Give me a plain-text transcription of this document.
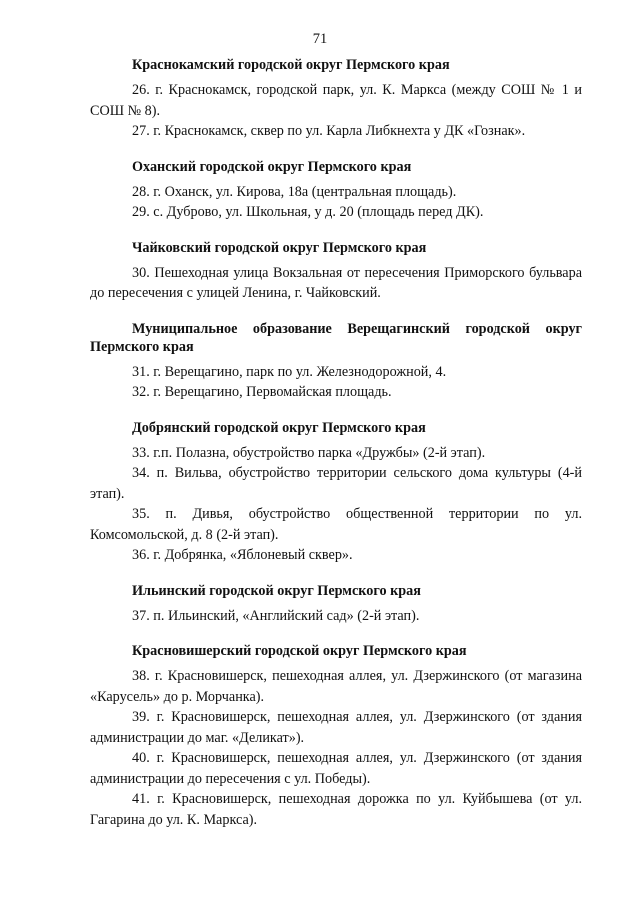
71

Краснокамский городской округ Пермского края

26. г. Краснокамск, городской парк, ул. К. Маркса (между СОШ № 1 и СОШ № 8).

27. г. Краснокамск, сквер по ул. Карла Либкнехта у ДК «Гознак».

Оханский городской округ Пермского края

28. г. Оханск, ул. Кирова, 18а (центральная площадь).

29. с. Дуброво, ул. Школьная, у д. 20 (площадь перед ДК).

Чайковский городской округ Пермского края

30. Пешеходная улица Вокзальная от пересечения Приморского бульвара до пересечения с улицей Ленина, г. Чайковский.

Муниципальное образование Верещагинский городской округ Пермского края

31. г. Верещагино, парк по ул. Железнодорожной, 4.

32. г. Верещагино, Первомайская площадь.

Добрянский городской округ Пермского края

33. г.п. Полазна, обустройство парка «Дружбы» (2-й этап).

34. п. Вильва, обустройство территории сельского дома культуры (4-й этап).

35. п. Дивья, обустройство общественной территории по ул. Комсомольской, д. 8 (2-й этап).

36. г. Добрянка, «Яблоневый сквер».

Ильинский городской округ Пермского края

37. п. Ильинский, «Английский сад» (2-й этап).

Красновишерский городской округ Пермского края

38. г. Красновишерск, пешеходная аллея, ул. Дзержинского (от магазина «Карусель» до р. Морчанка).

39. г. Красновишерск, пешеходная аллея, ул. Дзержинского (от здания администрации до маг. «Деликат»).

40. г. Красновишерск, пешеходная аллея, ул. Дзержинского (от здания администрации до пересечения с ул. Победы).

41. г. Красновишерск, пешеходная дорожка по ул. Куйбышева (от ул. Гагарина до ул. К. Маркса).
